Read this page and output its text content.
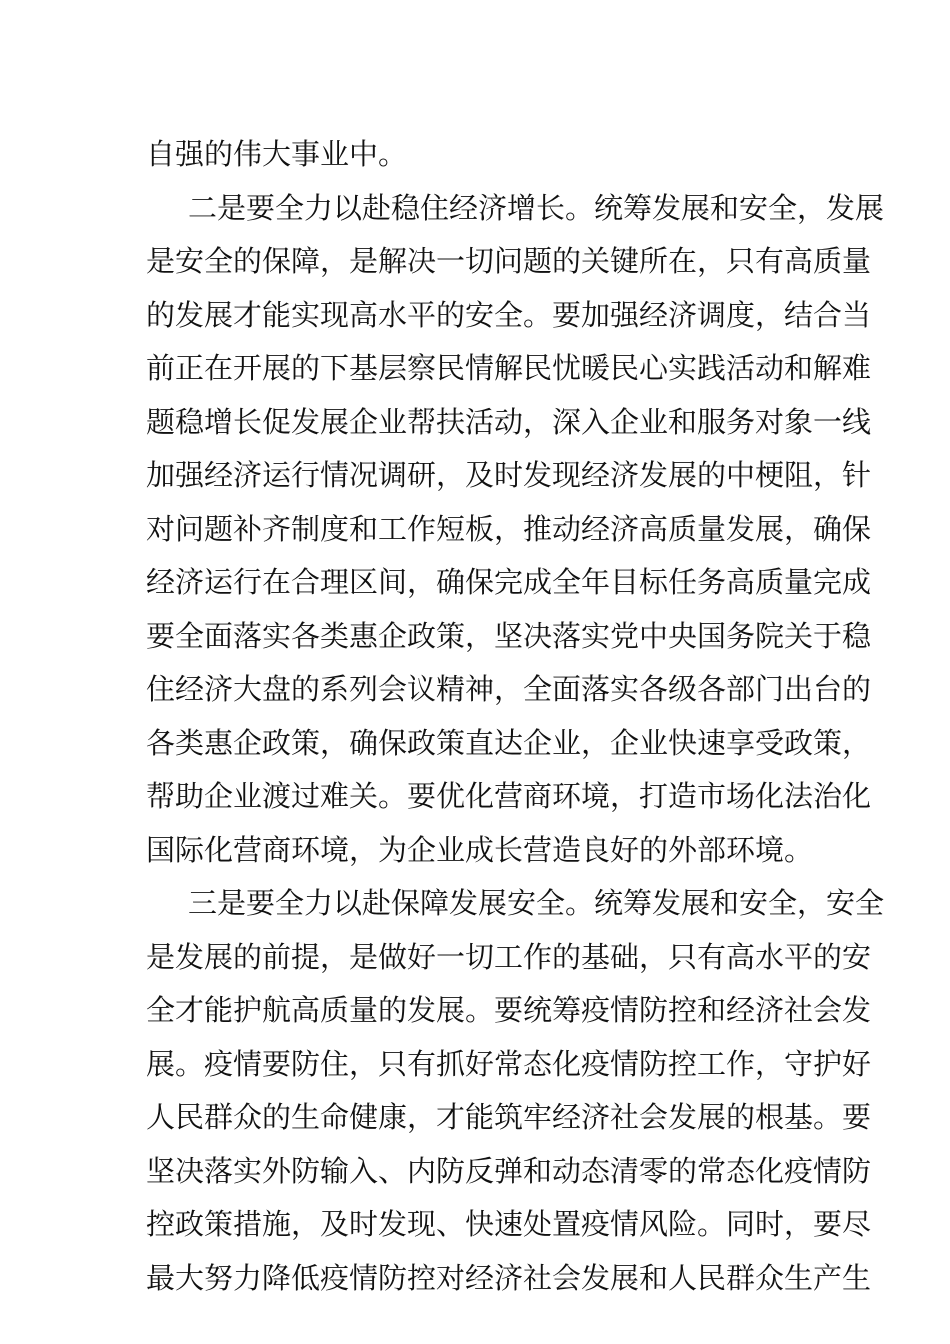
自强的伟大事业中。
二是要全力以赴稳住经济增长。统筹发展和安全，发展
是安全的保障，是解决一切问题的关键所在，只有高质量
的发展才能实现高水平的安全。要加强经济调度，结合当
前正在开展的下基层察民情解民忧暖民心实践活动和解难
题稳增长促发展企业帮扶活动，深入企业和服务对象一线
加强经济运行情况调研，及时发现经济发展的中梗阻，针
对问题补齐制度和工作短板，推动经济高质量发展，确保
经济运行在合理区间，确保完成全年目标任务高质量完成
要全面落实各类惠企政策，坚决落实党中央国务院关于稳
住经济大盘的系列会议精神，全面落实各级各部门出台的
各类惠企政策，确保政策直达企业，企业快速享受政策，
帮助企业渡过难关。要优化营商环境，打造市场化法治化
国际化营商环境，为企业成长营造良好的外部环境。
三是要全力以赴保障发展安全。统筹发展和安全，安全
是发展的前提，是做好一切工作的基础，只有高水平的安
全才能护航高质量的发展。要统筹疫情防控和经济社会发
展。疫情要防住，只有抓好常态化疫情防控工作，守护好
人民群众的生命健康，才能筑牢经济社会发展的根基。要
坚决落实外防输入、内防反弹和动态清零的常态化疫情防
控政策措施，及时发现、快速处置疫情风险。同时，要尽
最大努力降低疫情防控对经济社会发展和人民群众生产生
